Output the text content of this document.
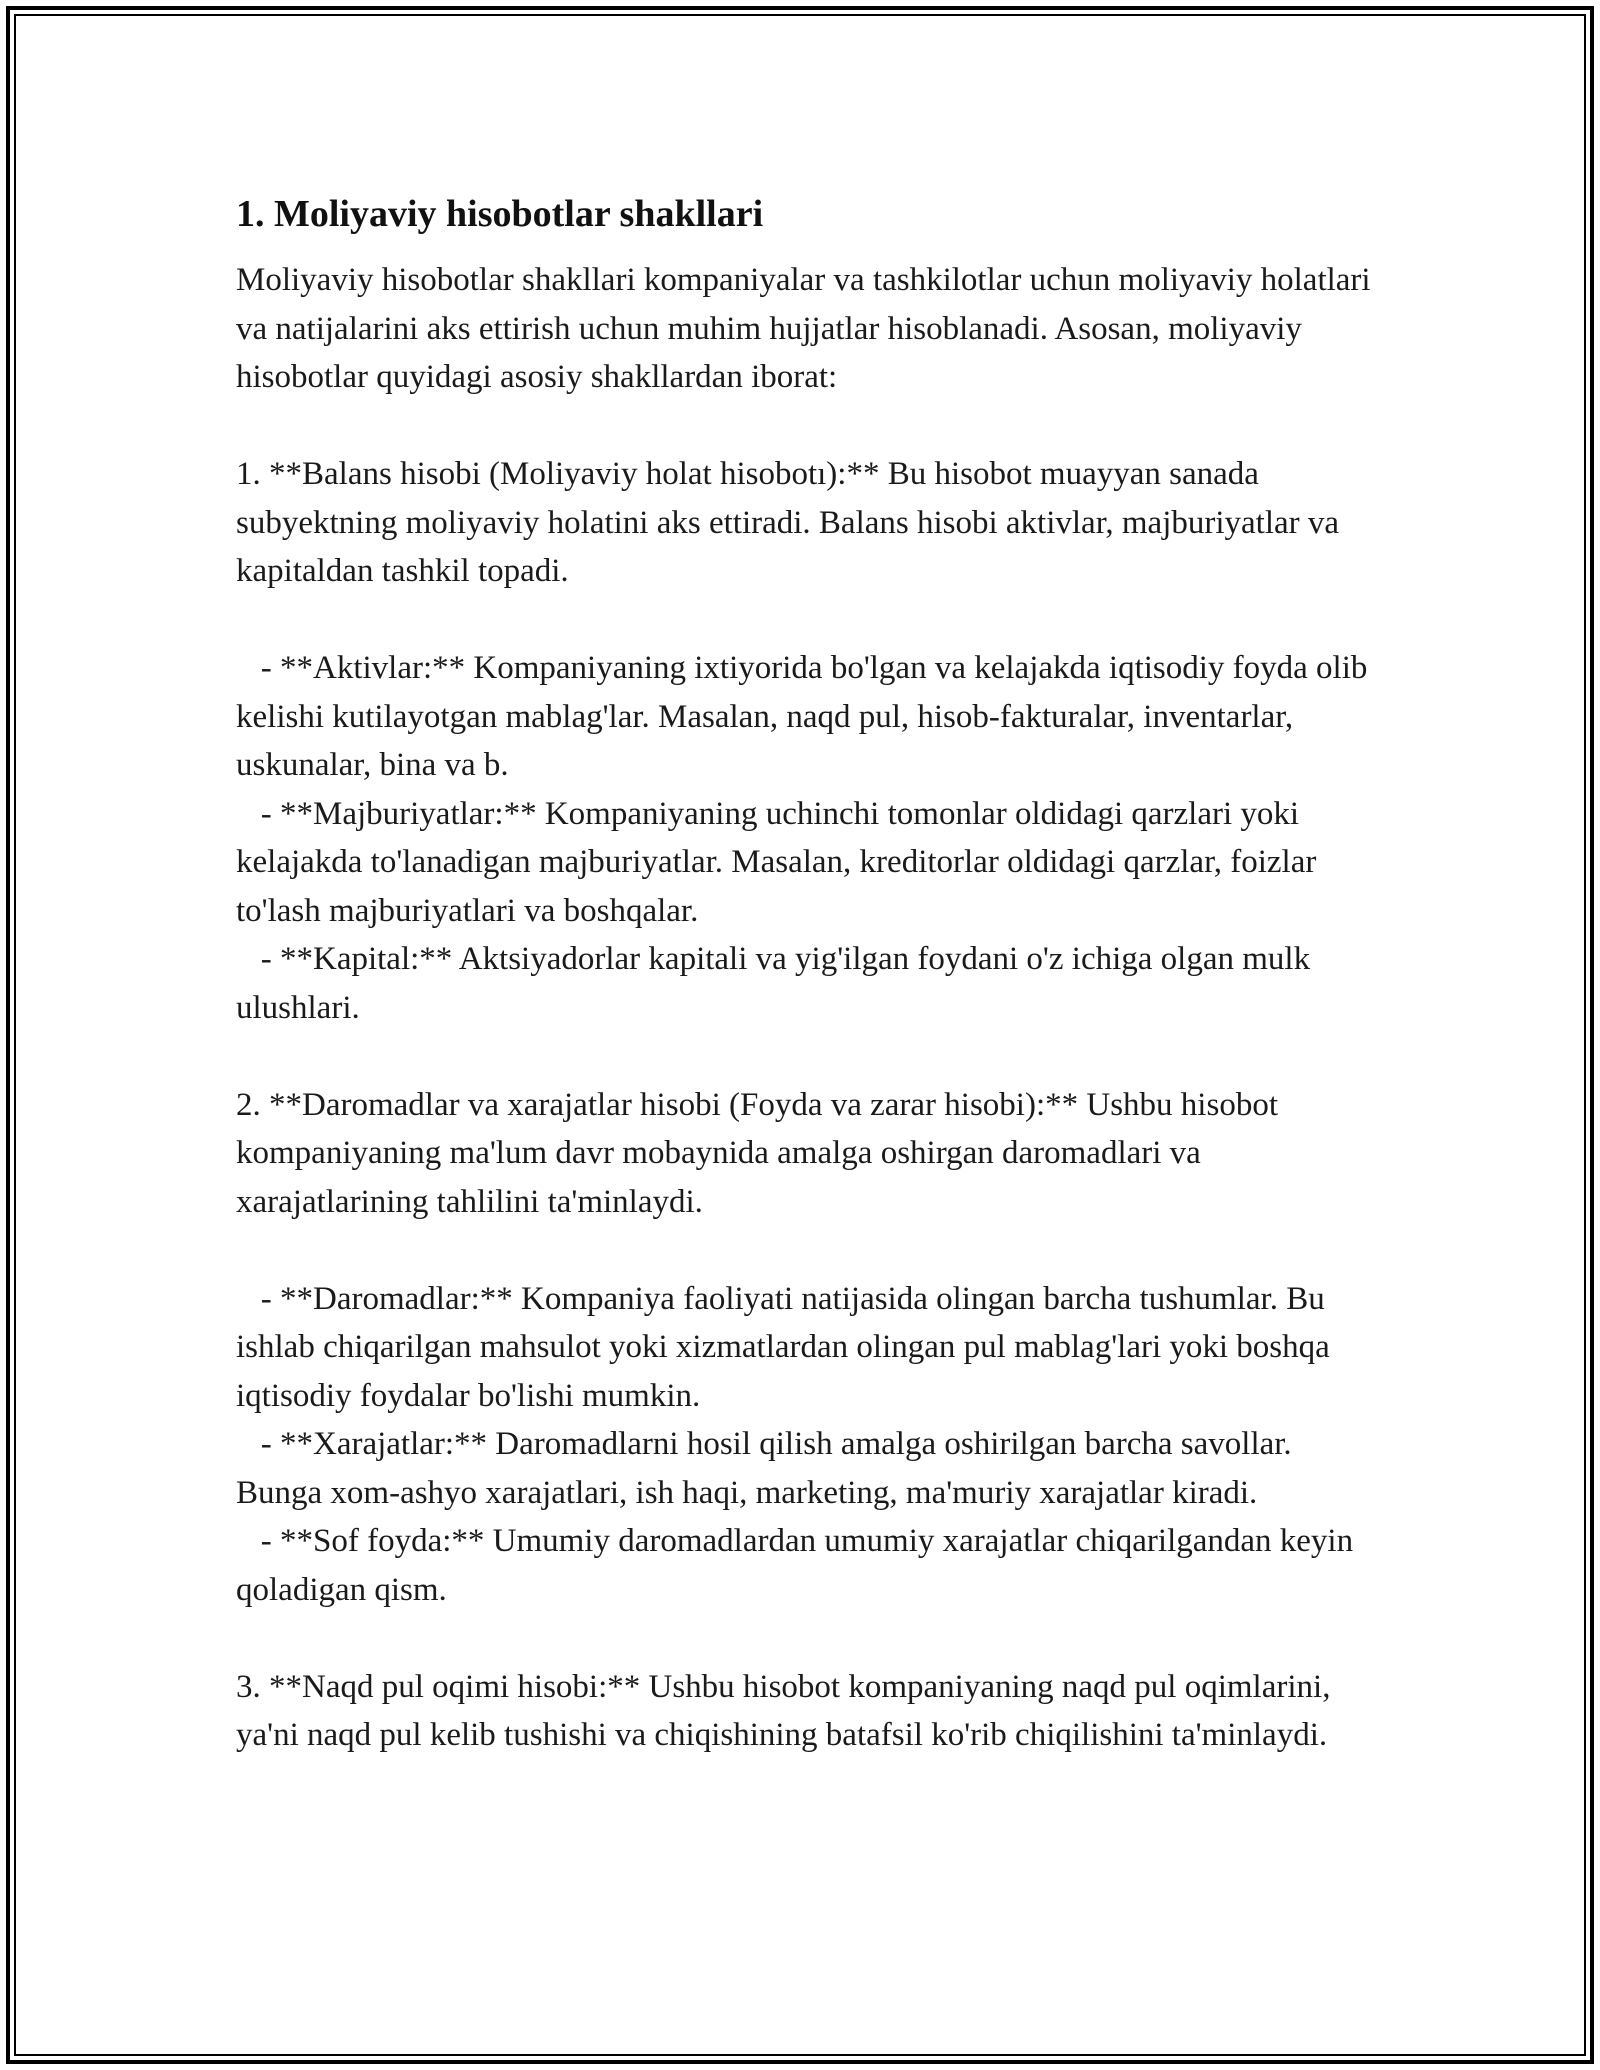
1. Moliyaviy hisobotlar shakllari

Moliyaviy hisobotlar shakllari kompaniyalar va tashkilotlar uchun moliyaviy holatlari va natijalarini aks ettirish uchun muhim hujjatlar hisoblanadi. Asosan, moliyaviy hisobotlar quyidagi asosiy shakllardan iborat:

1. **Balans hisobi (Moliyaviy holat hisobotı):** Bu hisobot muayyan sanada subyektning moliyaviy holatini aks ettiradi. Balans hisobi aktivlar, majburiyatlar va kapitaldan tashkil topadi.

- **Aktivlar:** Kompaniyaning ixtiyorida bo'lgan va kelajakda iqtisodiy foyda olib kelishi kutilayotgan mablag'lar. Masalan, naqd pul, hisob-fakturalar, inventarlar, uskunalar, bina va b.

- **Majburiyatlar:** Kompaniyaning uchinchi tomonlar oldidagi qarzlari yoki kelajakda to'lanadigan majburiyatlar. Masalan, kreditorlar oldidagi qarzlar, foizlar to'lash majburiyatlari va boshqalar.

- **Kapital:** Aktsiyadorlar kapitali va yig'ilgan foydani o'z ichiga olgan mulk ulushlari.

2. **Daromadlar va xarajatlar hisobi (Foyda va zarar hisobi):** Ushbu hisobot kompaniyaning ma'lum davr mobaynida amalga oshirgan daromadlari va xarajatlarining tahlilini ta'minlaydi.

- **Daromadlar:** Kompaniya faoliyati natijasida olingan barcha tushumlar. Bu ishlab chiqarilgan mahsulot yoki xizmatlardan olingan pul mablag'lari yoki boshqa iqtisodiy foydalar bo'lishi mumkin.

- **Xarajatlar:** Daromadlarni hosil qilish amalga oshirilgan barcha savollar. Bunga xom-ashyo xarajatlari, ish haqi, marketing, ma'muriy xarajatlar kiradi.

- **Sof foyda:** Umumiy daromadlardan umumiy xarajatlar chiqarilgandan keyin qoladigan qism.

3. **Naqd pul oqimi hisobi:** Ushbu hisobot kompaniyaning naqd pul oqimlarini, ya'ni naqd pul kelib tushishi va chiqishining batafsil ko'rib chiqilishini ta'minlaydi.
